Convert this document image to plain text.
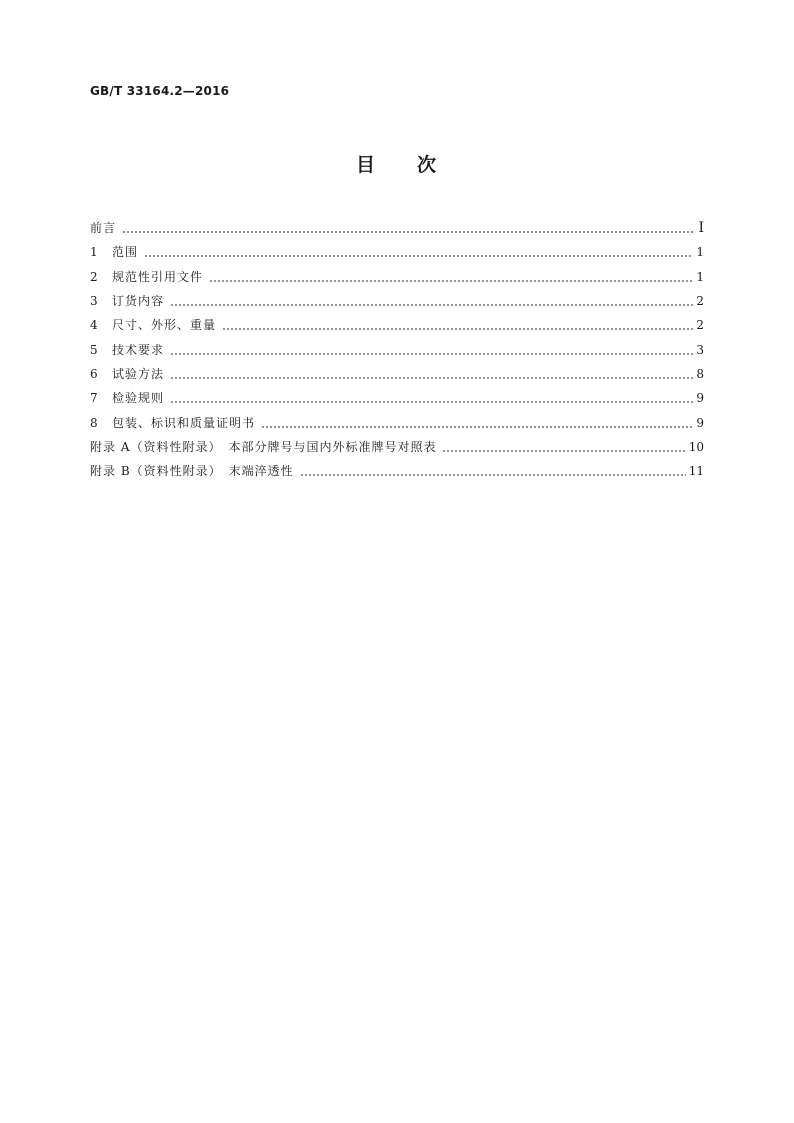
GB/T 33164.2—2016
目 次
前言	Ⅰ
1	范围	1
2	规范性引用文件	1
3	订货内容	2
4	尺寸、外形、重量	2
5	技术要求	3
6	试验方法	8
7	检验规则	9
8	包装、标识和质量证明书	9
附录 A（资料性附录）　本部分牌号与国内外标准牌号对照表	10
附录 B（资料性附录）　末端淬透性	11
